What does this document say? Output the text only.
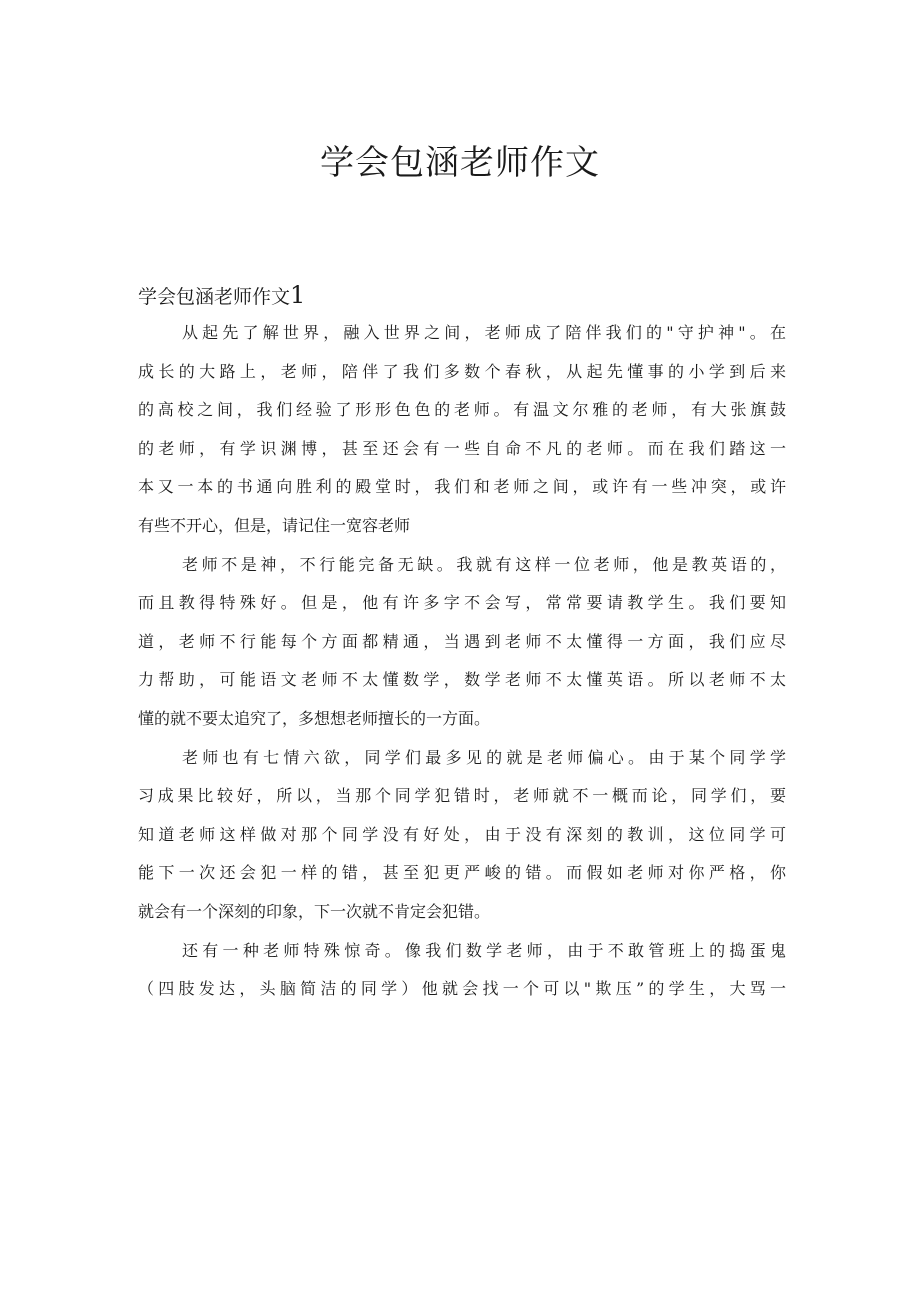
学会包涵老师作文
学会包涵老师作文1
从起先了解世界，融入世界之间，老师成了陪伴我们的"守护神"。在
成长的大路上，老师，陪伴了我们多数个春秋，从起先懂事的小学到后来
的高校之间，我们经验了形形色色的老师。有温文尔雅的老师，有大张旗鼓
的老师，有学识渊博，甚至还会有一些自命不凡的老师。而在我们踏这一
本又一本的书通向胜利的殿堂时，我们和老师之间，或许有一些冲突，或许
有些不开心，但是，请记住一宽容老师
老师不是神，不行能完备无缺。我就有这样一位老师，他是教英语的，
而且教得特殊好。但是，他有许多字不会写，常常要请教学生。我们要知
道，老师不行能每个方面都精通，当遇到老师不太懂得一方面，我们应尽
力帮助，可能语文老师不太懂数学，数学老师不太懂英语。所以老师不太
懂的就不要太追究了，多想想老师擅长的一方面。
老师也有七情六欲，同学们最多见的就是老师偏心。由于某个同学学
习成果比较好，所以，当那个同学犯错时，老师就不一概而论，同学们，要
知道老师这样做对那个同学没有好处，由于没有深刻的教训，这位同学可
能下一次还会犯一样的错，甚至犯更严峻的错。而假如老师对你严格，你
就会有一个深刻的印象，下一次就不肯定会犯错。
还有一种老师特殊惊奇。像我们数学老师，由于不敢管班上的捣蛋鬼
（四肢发达，头脑简洁的同学）他就会找一个可以"欺压”的学生，大骂一
